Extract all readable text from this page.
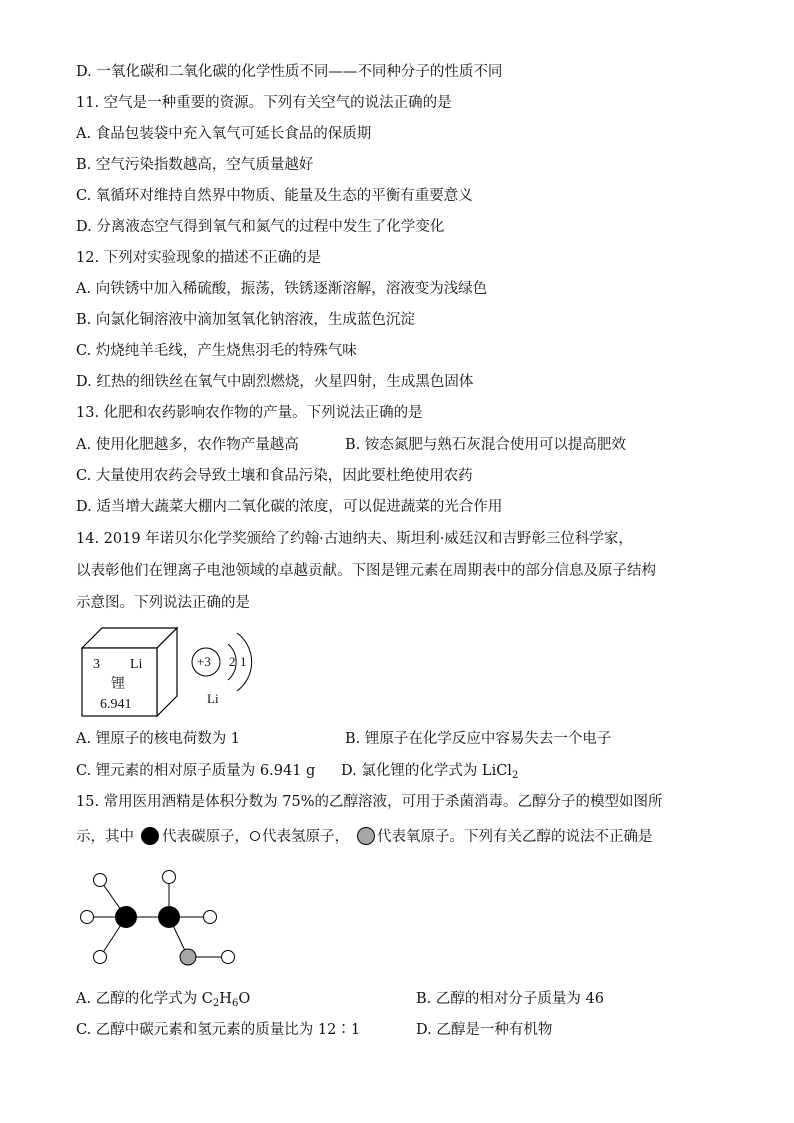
D. 一氧化碳和二氧化碳的化学性质不同——不同种分子的性质不同
11. 空气是一种重要的资源。下列有关空气的说法正确的是
A. 食品包装袋中充入氧气可延长食品的保质期
B. 空气污染指数越高，空气质量越好
C. 氧循环对维持自然界中物质、能量及生态的平衡有重要意义
D. 分离液态空气得到氧气和氮气的过程中发生了化学变化
12. 下列对实验现象的描述不正确的是
A. 向铁锈中加入稀硫酸，振荡，铁锈逐渐溶解，溶液变为浅绿色
B. 向氯化铜溶液中滴加氢氧化钠溶液，生成蓝色沉淀
C. 灼烧纯羊毛线，产生烧焦羽毛的特殊气味
D. 红热的细铁丝在氧气中剧烈燃烧，火星四射，生成黑色固体
13. 化肥和农药影响农作物的产量。下列说法正确的是
A. 使用化肥越多，农作物产量越高	B. 铵态氮肥与熟石灰混合使用可以提高肥效
C. 大量使用农药会导致土壤和食品污染，因此要杜绝使用农药
D. 适当增大蔬菜大棚内二氧化碳的浓度，可以促进蔬菜的光合作用
14. 2019 年诺贝尔化学奖颁给了约翰·古迪纳夫、斯坦利·威廷汉和吉野彰三位科学家，
以表彰他们在锂离子电池领域的卓越贡献。下图是锂元素在周期表中的部分信息及原子结构
示意图。下列说法正确的是
3 Li
锂
6.941
+3 2 1
Li
A. 锂原子的核电荷数为 1	B. 锂原子在化学反应中容易失去一个电子
C. 锂元素的相对原子质量为 6.941 g D. 氯化锂的化学式为 LiCl$_2$
15. 常用医用酒精是体积分数为 75%的乙醇溶液，可用于杀菌消毒。乙醇分子的模型如图所
示，其中 代表碳原子， 代表氢原子， 代表氧原子。下列有关乙醇的说法不正确是
A. 乙醇的化学式为 $C_2H_6O$	B. 乙醇的相对分子质量为 46
C. 乙醇中碳元素和氢元素的质量比为 12∶1	D. 乙醇是一种有机物
